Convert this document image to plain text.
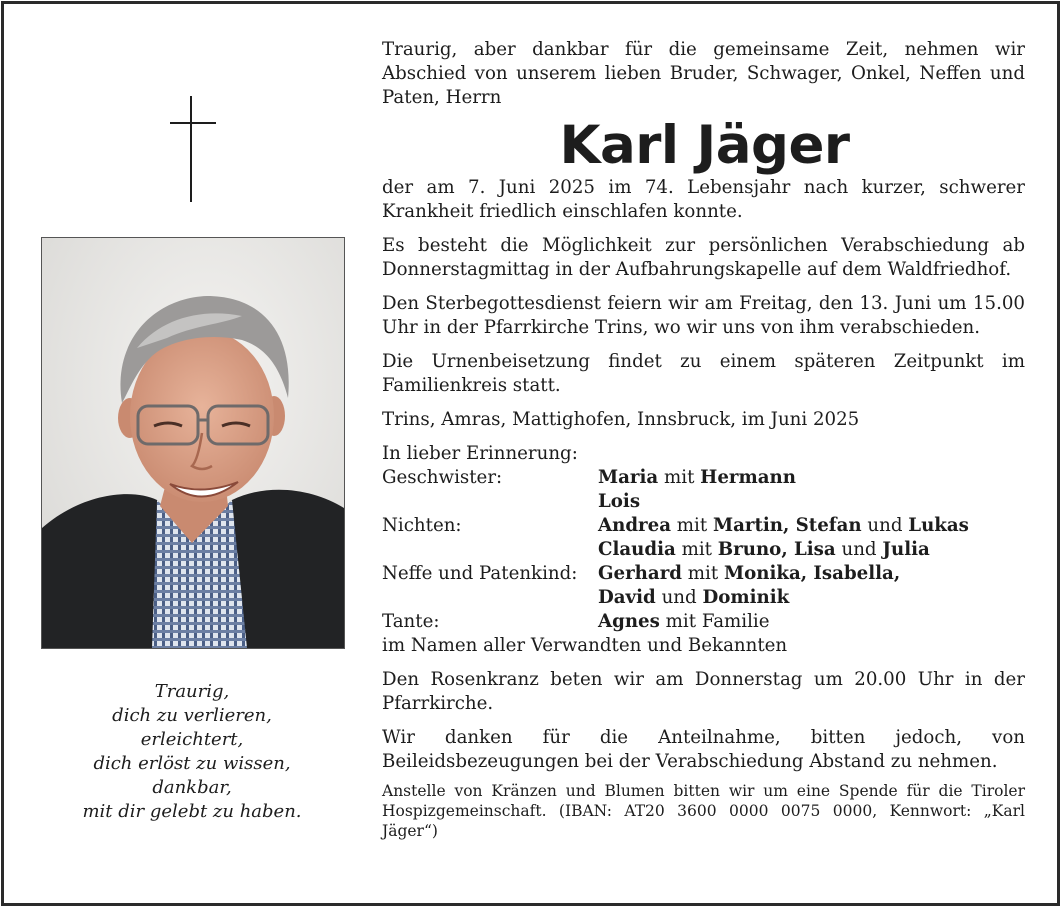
Traurig,
dich zu verlieren,
erleichtert,
dich erlöst zu wissen,
dankbar,
mit dir gelebt zu haben.

Traurig, aber dankbar für die gemeinsame Zeit, nehmen wir Abschied von unserem lieben Bruder, Schwager, Onkel, Neffen und Paten, Herrn

Karl Jäger

der am 7. Juni 2025 im 74. Lebensjahr nach kurzer, schwerer Krankheit friedlich einschlafen konnte.

Es besteht die Möglichkeit zur persönlichen Verabschiedung ab Donnerstagmittag in der Aufbahrungskapelle auf dem Waldfriedhof.

Den Sterbegottesdienst feiern wir am Freitag, den 13. Juni um 15.00 Uhr in der Pfarrkirche Trins, wo wir uns von ihm verabschieden.

Die Urnenbeisetzung findet zu einem späteren Zeitpunkt im Familienkreis statt.

Trins, Amras, Mattighofen, Innsbruck, im Juni 2025

In lieber Erinnerung:

Geschwister:	Maria mit Hermann
Lois
Nichten:	Andrea mit Martin, Stefan und Lukas
Claudia mit Bruno, Lisa und Julia
Neffe und Patenkind:	Gerhard mit Monika, Isabella,
David und Dominik
Tante:	Agnes mit Familie

im Namen aller Verwandten und Bekannten

Den Rosenkranz beten wir am Donnerstag um 20.00 Uhr in der Pfarrkirche.

Wir danken für die Anteilnahme, bitten jedoch, von

Beileidsbezeugungen bei der Verabschiedung Abstand zu nehmen.

Anstelle von Kränzen und Blumen bitten wir um eine Spende für die Tiroler Hospizgemeinschaft. (IBAN: AT20 3600 0000 0075 0000, Kennwort: „Karl Jäger“)
